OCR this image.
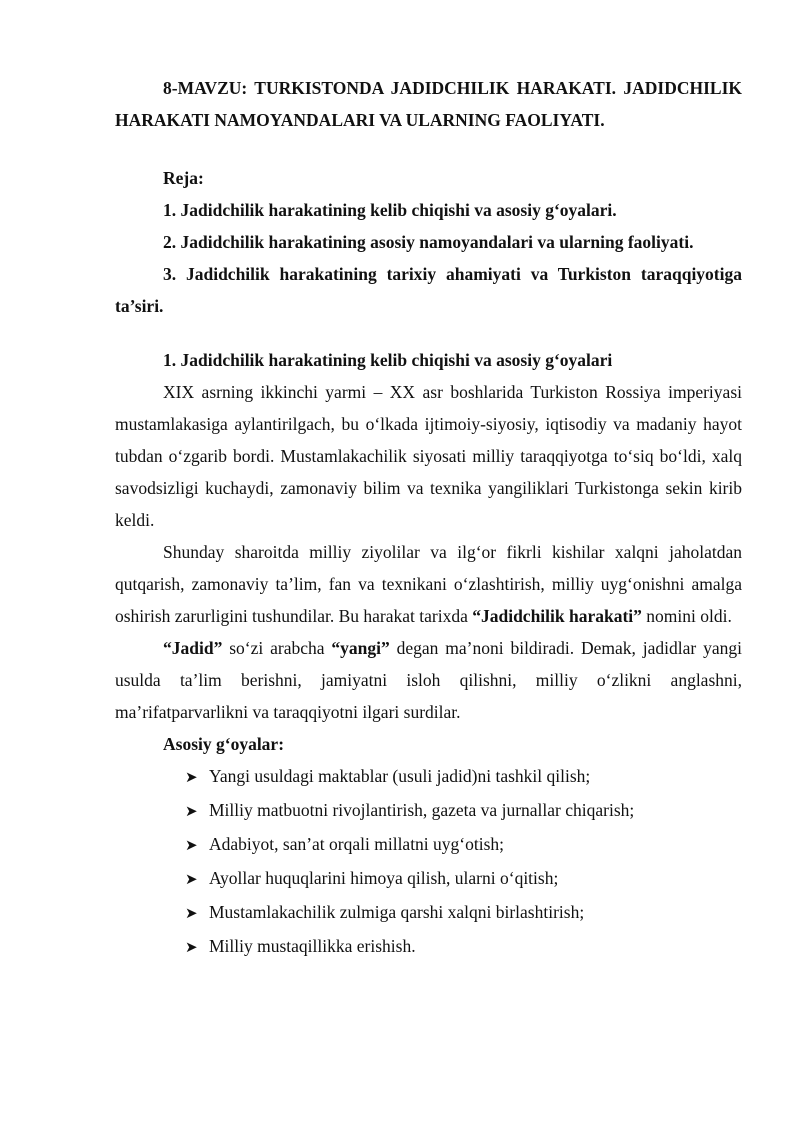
8-MAVZU: TURKISTONDA JADIDCHILIK HARAKATI. JADIDCHILIK HARAKATI NAMOYANDALARI VA ULARNING FAOLIYATI.

Reja:

1. Jadidchilik harakatining kelib chiqishi va asosiy g‘oyalari.

2. Jadidchilik harakatining asosiy namoyandalari va ularning faoliyati.

3. Jadidchilik harakatining tarixiy ahamiyati va Turkiston taraqqiyotiga ta’siri.

1. Jadidchilik harakatining kelib chiqishi va asosiy g‘oyalari

XIX asrning ikkinchi yarmi – XX asr boshlarida Turkiston Rossiya imperiyasi mustamlakasiga aylantirilgach, bu o‘lkada ijtimoiy-siyosiy, iqtisodiy va madaniy hayot tubdan o‘zgarib bordi. Mustamlakachilik siyosati milliy taraqqiyotga to‘siq bo‘ldi, xalq savodsizligi kuchaydi, zamonaviy bilim va texnika yangiliklari Turkistonga sekin kirib keldi.

Shunday sharoitda milliy ziyolilar va ilg‘or fikrli kishilar xalqni jaholatdan qutqarish, zamonaviy ta’lim, fan va texnikani o‘zlashtirish, milliy uyg‘onishni amalga oshirish zarurligini tushundilar. Bu harakat tarixda “Jadidchilik harakati” nomini oldi.

“Jadid” so‘zi arabcha “yangi” degan ma’noni bildiradi. Demak, jadidlar yangi usulda ta’lim berishni, jamiyatni isloh qilishni, milliy o‘zlikni anglashni, ma’rifatparvarlikni va taraqqiyotni ilgari surdilar.

Asosiy g‘oyalar:

➤ Yangi usuldagi maktablar (usuli jadid)ni tashkil qilish;
➤ Milliy matbuotni rivojlantirish, gazeta va jurnallar chiqarish;
➤ Adabiyot, san’at orqali millatni uyg‘otish;
➤ Ayollar huquqlarini himoya qilish, ularni o‘qitish;
➤ Mustamlakachilik zulmiga qarshi xalqni birlashtirish;
➤ Milliy mustaqillikka erishish.
